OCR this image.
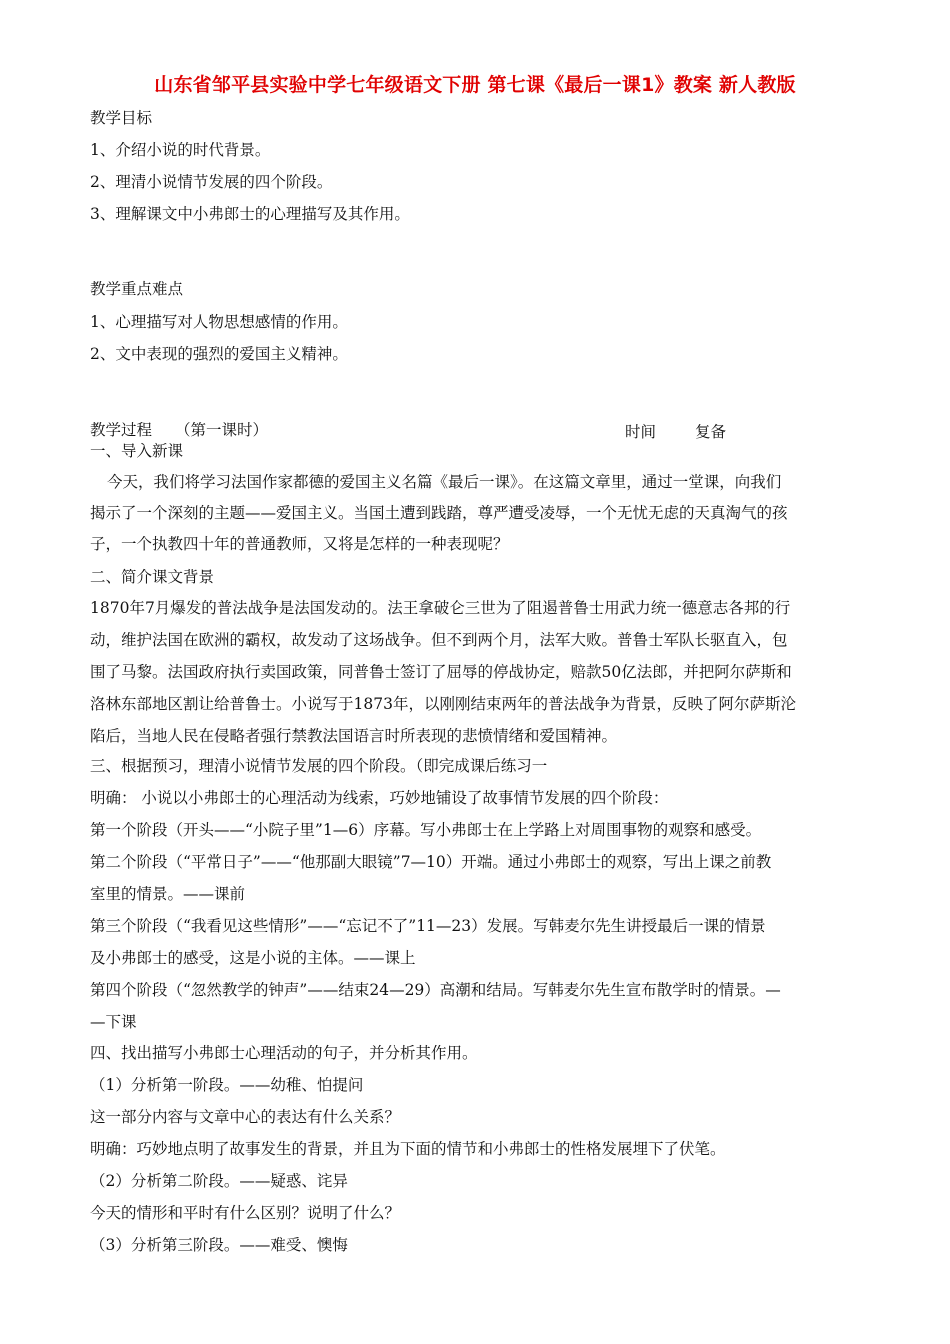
山东省邹平县实验中学七年级语文下册 第七课《最后一课1》教案 新人教版
教学目标
1、介绍小说的时代背景。
2、理清小说情节发展的四个阶段。
3、理解课文中小弗郎士的心理描写及其作用。
教学重点难点
1、心理描写对人物思想感情的作用。
2、文中表现的强烈的爱国主义精神。
教学过程 （第一课时）	时间	复备
一、导入新课
今天，我们将学习法国作家都德的爱国主义名篇《最后一课》。在这篇文章里，通过一堂课，向我们
揭示了一个深刻的主题——爱国主义。当国土遭到践踏，尊严遭受凌辱，一个无忧无虑的天真淘气的孩
子，一个执教四十年的普通教师，又将是怎样的一种表现呢？
二、简介课文背景
1870年7月爆发的普法战争是法国发动的。法王拿破仑三世为了阻遏普鲁士用武力统一德意志各邦的行
动，维护法国在欧洲的霸权，故发动了这场战争。但不到两个月，法军大败。普鲁士军队长驱直入，包
围了马黎。法国政府执行卖国政策，同普鲁士签订了屈辱的停战协定，赔款50亿法郎，并把阿尔萨斯和
洛林东部地区割让给普鲁士。小说写于1873年，以刚刚结束两年的普法战争为背景，反映了阿尔萨斯沦
陷后，当地人民在侵略者强行禁教法国语言时所表现的悲愤情绪和爱国精神。
三、根据预习，理清小说情节发展的四个阶段。（即完成课后练习一
明确： 小说以小弗郎士的心理活动为线索，巧妙地铺设了故事情节发展的四个阶段：
第一个阶段（开头——“小院子里”1—6）序幕。写小弗郎士在上学路上对周围事物的观察和感受。
第二个阶段（“平常日子”——“他那副大眼镜”7—10）开端。通过小弗郎士的观察，写出上课之前教
室里的情景。——课前
第三个阶段（“我看见这些情形”——“忘记不了”11—23）发展。写韩麦尔先生讲授最后一课的情景
及小弗郎士的感受，这是小说的主体。——课上
第四个阶段（“忽然教学的钟声”——结束24—29）高潮和结局。写韩麦尔先生宣布散学时的情景。—
—下课
四、找出描写小弗郎士心理活动的句子，并分析其作用。
（1）分析第一阶段。——幼稚、怕提问
这一部分内容与文章中心的表达有什么关系？
明确：巧妙地点明了故事发生的背景，并且为下面的情节和小弗郎士的性格发展埋下了伏笔。
（2）分析第二阶段。——疑惑、诧异
今天的情形和平时有什么区别？说明了什么？
（3）分析第三阶段。——难受、懊悔
